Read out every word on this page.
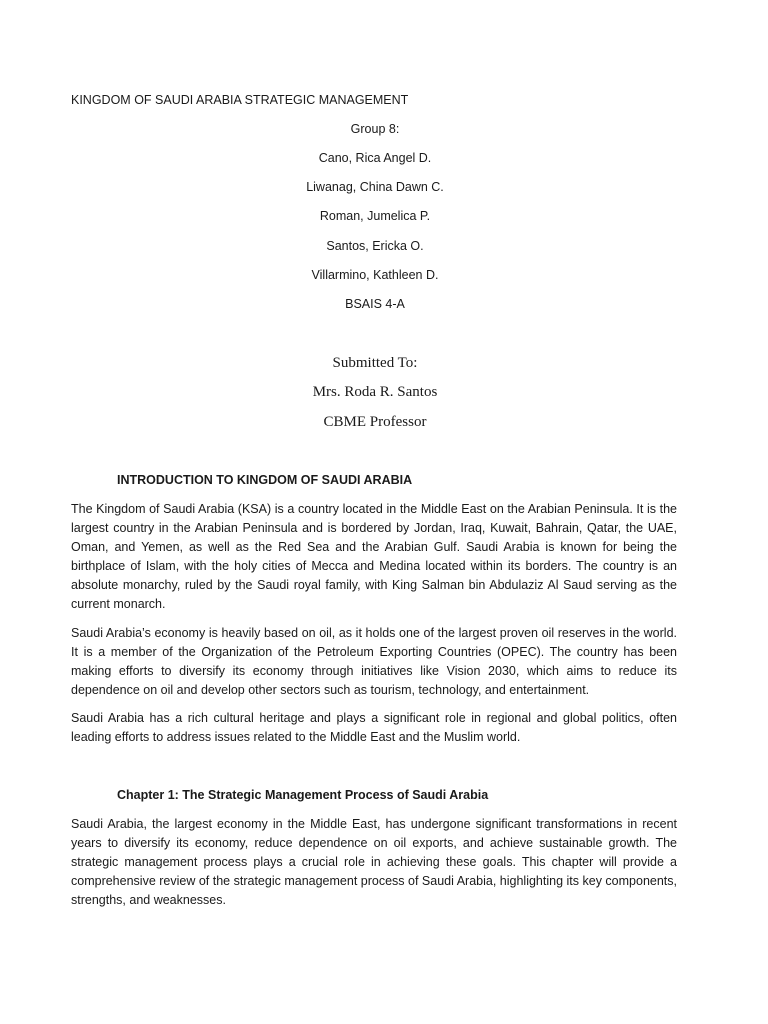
KINGDOM OF SAUDI ARABIA STRATEGIC MANAGEMENT
Group 8:
Cano, Rica Angel D.
Liwanag, China Dawn C.
Roman, Jumelica P.
Santos, Ericka O.
Villarmino, Kathleen D.
BSAIS 4-A
Submitted To:
Mrs. Roda R. Santos
CBME Professor
INTRODUCTION TO KINGDOM OF SAUDI ARABIA

The Kingdom of Saudi Arabia (KSA) is a country located in the Middle East on the Arabian Peninsula. It is the largest country in the Arabian Peninsula and is bordered by Jordan, Iraq, Kuwait, Bahrain, Qatar, the UAE, Oman, and Yemen, as well as the Red Sea and the Arabian Gulf. Saudi Arabia is known for being the birthplace of Islam, with the holy cities of Mecca and Medina located within its borders. The country is an absolute monarchy, ruled by the Saudi royal family, with King Salman bin Abdulaziz Al Saud serving as the current monarch.

Saudi Arabia’s economy is heavily based on oil, as it holds one of the largest proven oil reserves in the world. It is a member of the Organization of the Petroleum Exporting Countries (OPEC). The country has been making efforts to diversify its economy through initiatives like Vision 2030, which aims to reduce its dependence on oil and develop other sectors such as tourism, technology, and entertainment.

Saudi Arabia has a rich cultural heritage and plays a significant role in regional and global politics, often leading efforts to address issues related to the Middle East and the Muslim world.

Chapter 1: The Strategic Management Process of Saudi Arabia

Saudi Arabia, the largest economy in the Middle East, has undergone significant transformations in recent years to diversify its economy, reduce dependence on oil exports, and achieve sustainable growth. The strategic management process plays a crucial role in achieving these goals. This chapter will provide a comprehensive review of the strategic management process of Saudi Arabia, highlighting its key components, strengths, and weaknesses.
